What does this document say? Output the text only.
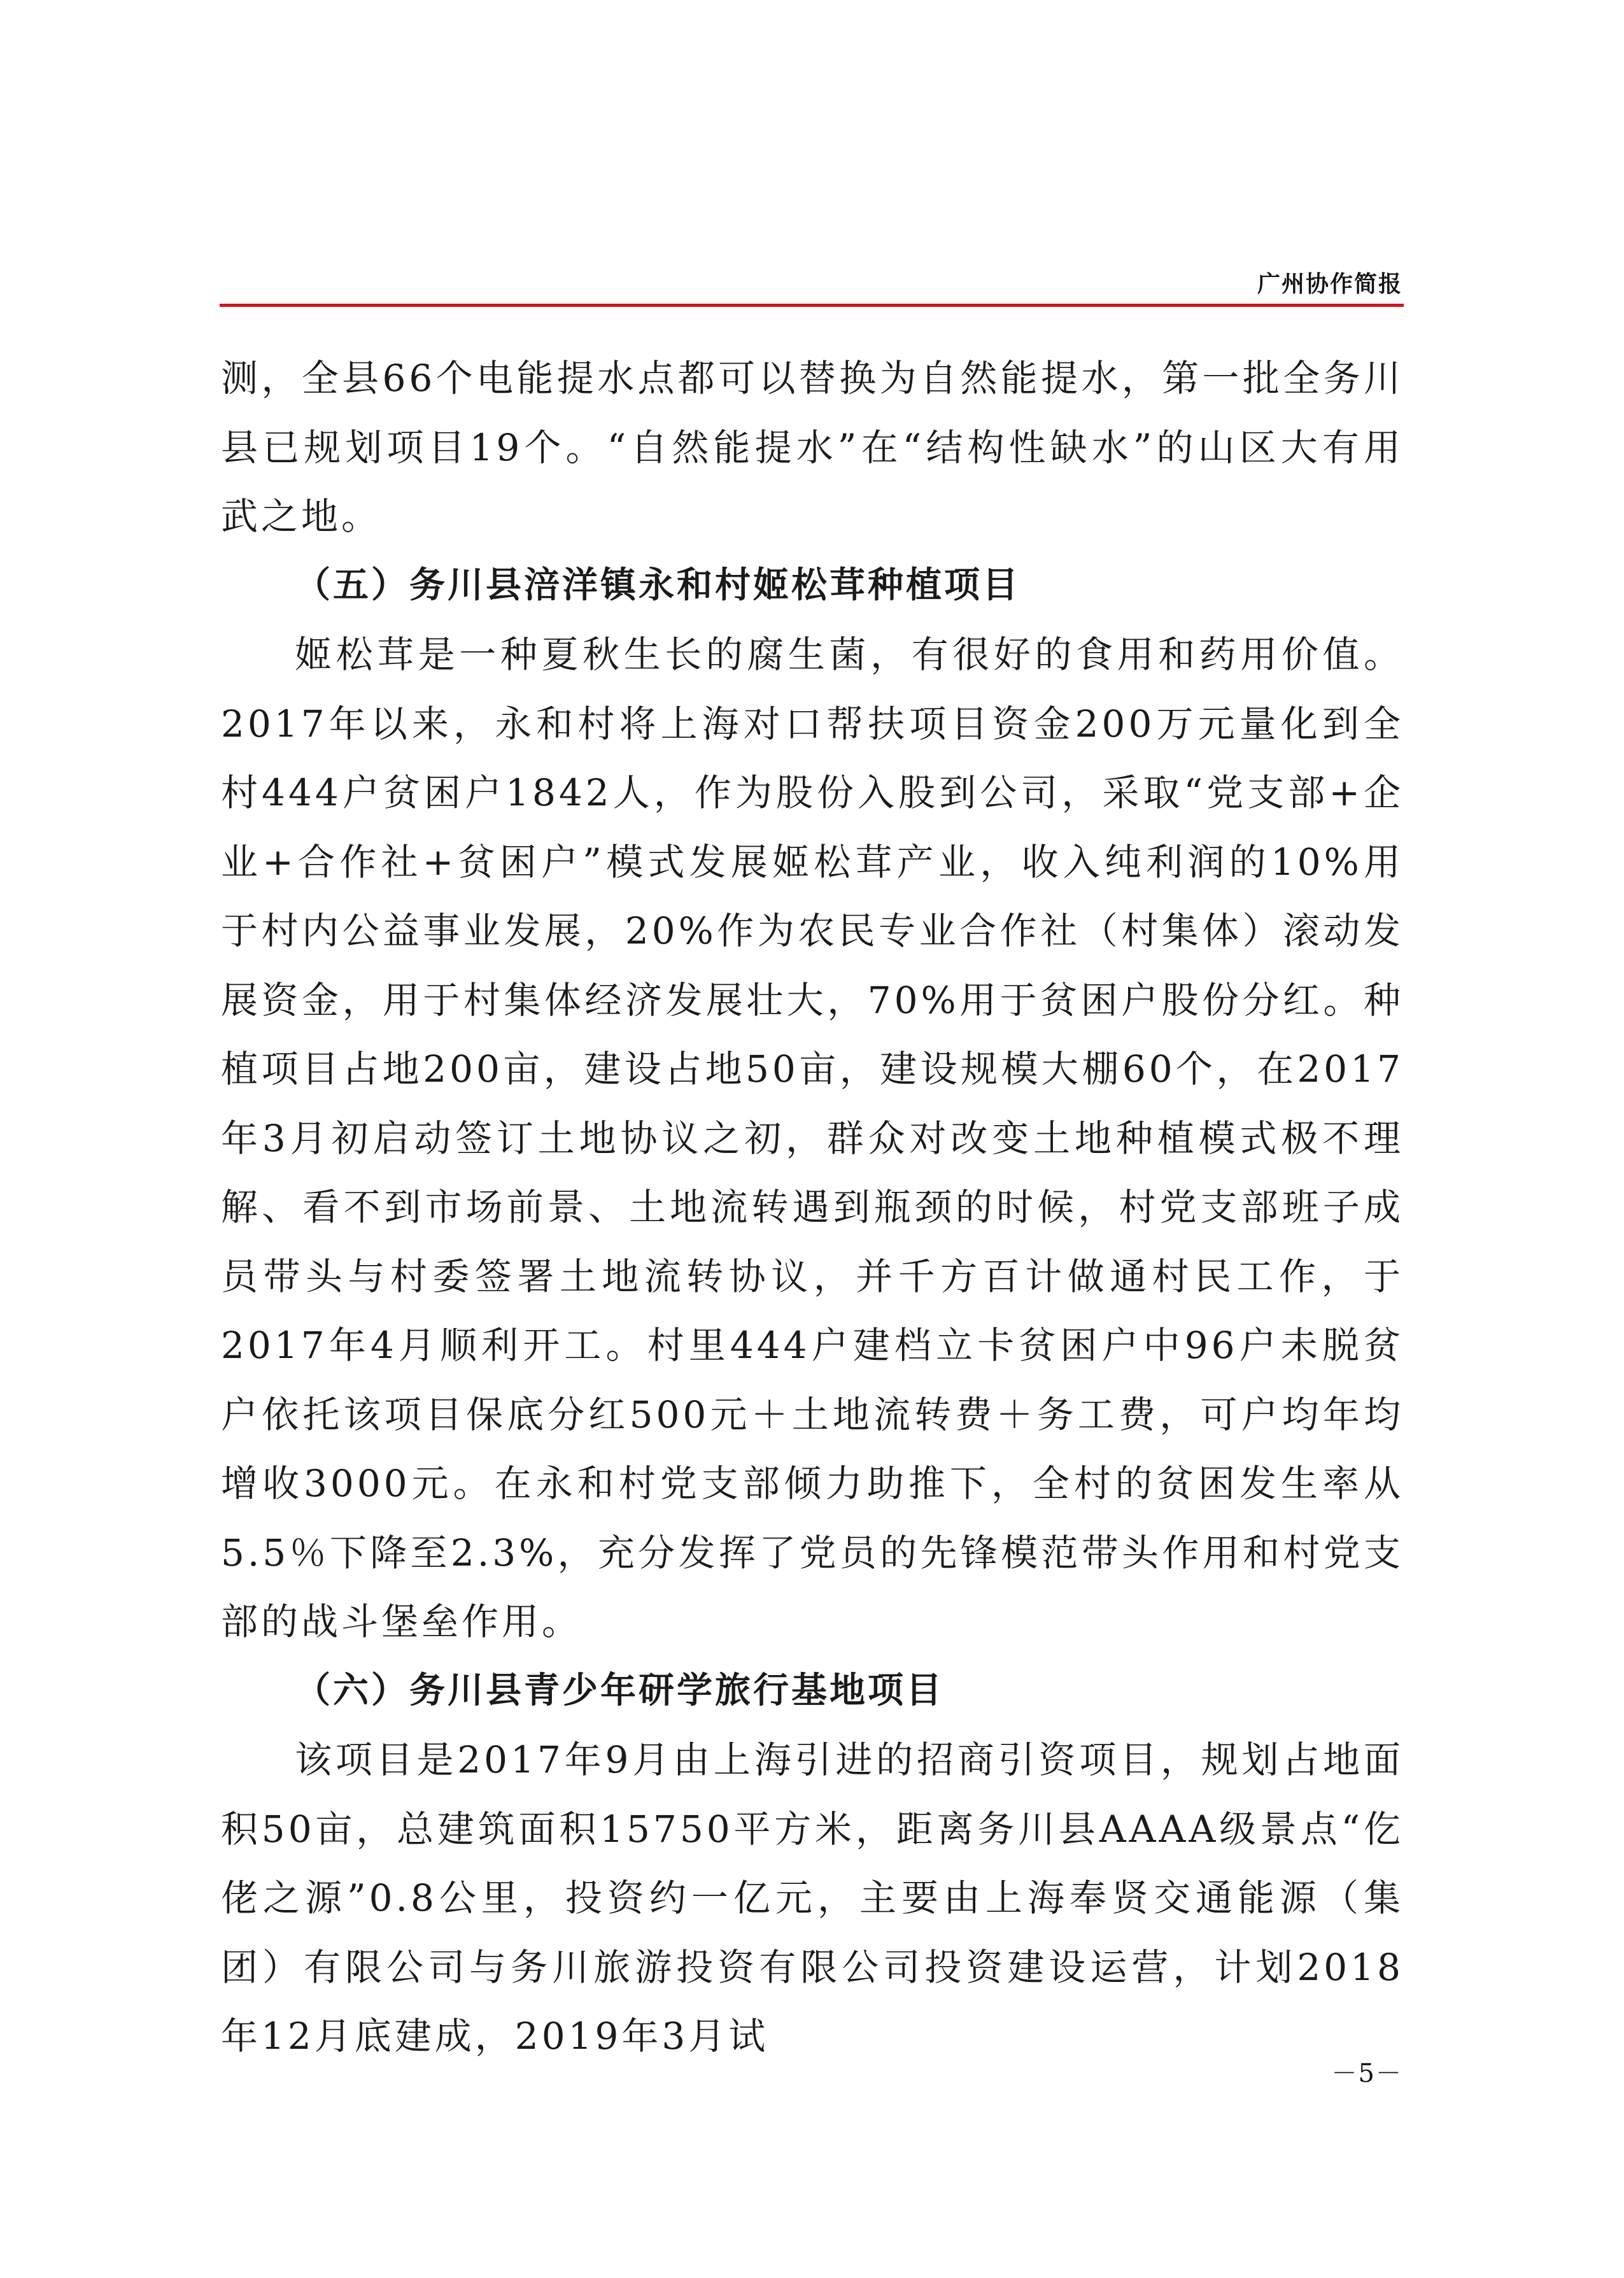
广州协作简报

测，全县66个电能提水点都可以替换为自然能提水，第一批全务川县已规划项目19个。“自然能提水”在“结构性缺水”的山区大有用武之地。

（五）务川县涪洋镇永和村姬松茸种植项目

姬松茸是一种夏秋生长的腐生菌，有很好的食用和药用价值。2017年以来，永和村将上海对口帮扶项目资金200万元量化到全村444户贫困户1842人，作为股份入股到公司，采取“党支部+企业+合作社+贫困户”模式发展姬松茸产业，收入纯利润的10%用于村内公益事业发展，20%作为农民专业合作社（村集体）滚动发展资金，用于村集体经济发展壮大，70%用于贫困户股份分红。种植项目占地200亩，建设占地50亩，建设规模大棚60个，在2017年3月初启动签订土地协议之初，群众对改变土地种植模式极不理解、看不到市场前景、土地流转遇到瓶颈的时候，村党支部班子成员带头与村委签署土地流转协议，并千方百计做通村民工作，于2017年4月顺利开工。村里444户建档立卡贫困户中96户未脱贫户依托该项目保底分红500元＋土地流转费＋务工费，可户均年均增收3000元。在永和村党支部倾力助推下，全村的贫困发生率从5.5％下降至2.3%，充分发挥了党员的先锋模范带头作用和村党支部的战斗堡垒作用。

（六）务川县青少年研学旅行基地项目

该项目是2017年9月由上海引进的招商引资项目，规划占地面积50亩，总建筑面积15750平方米，距离务川县AAAA级景点“仡佬之源”0.8公里，投资约一亿元，主要由上海奉贤交通能源（集团）有限公司与务川旅游投资有限公司投资建设运营，计划2018年12月底建成，2019年3月试

－5－
